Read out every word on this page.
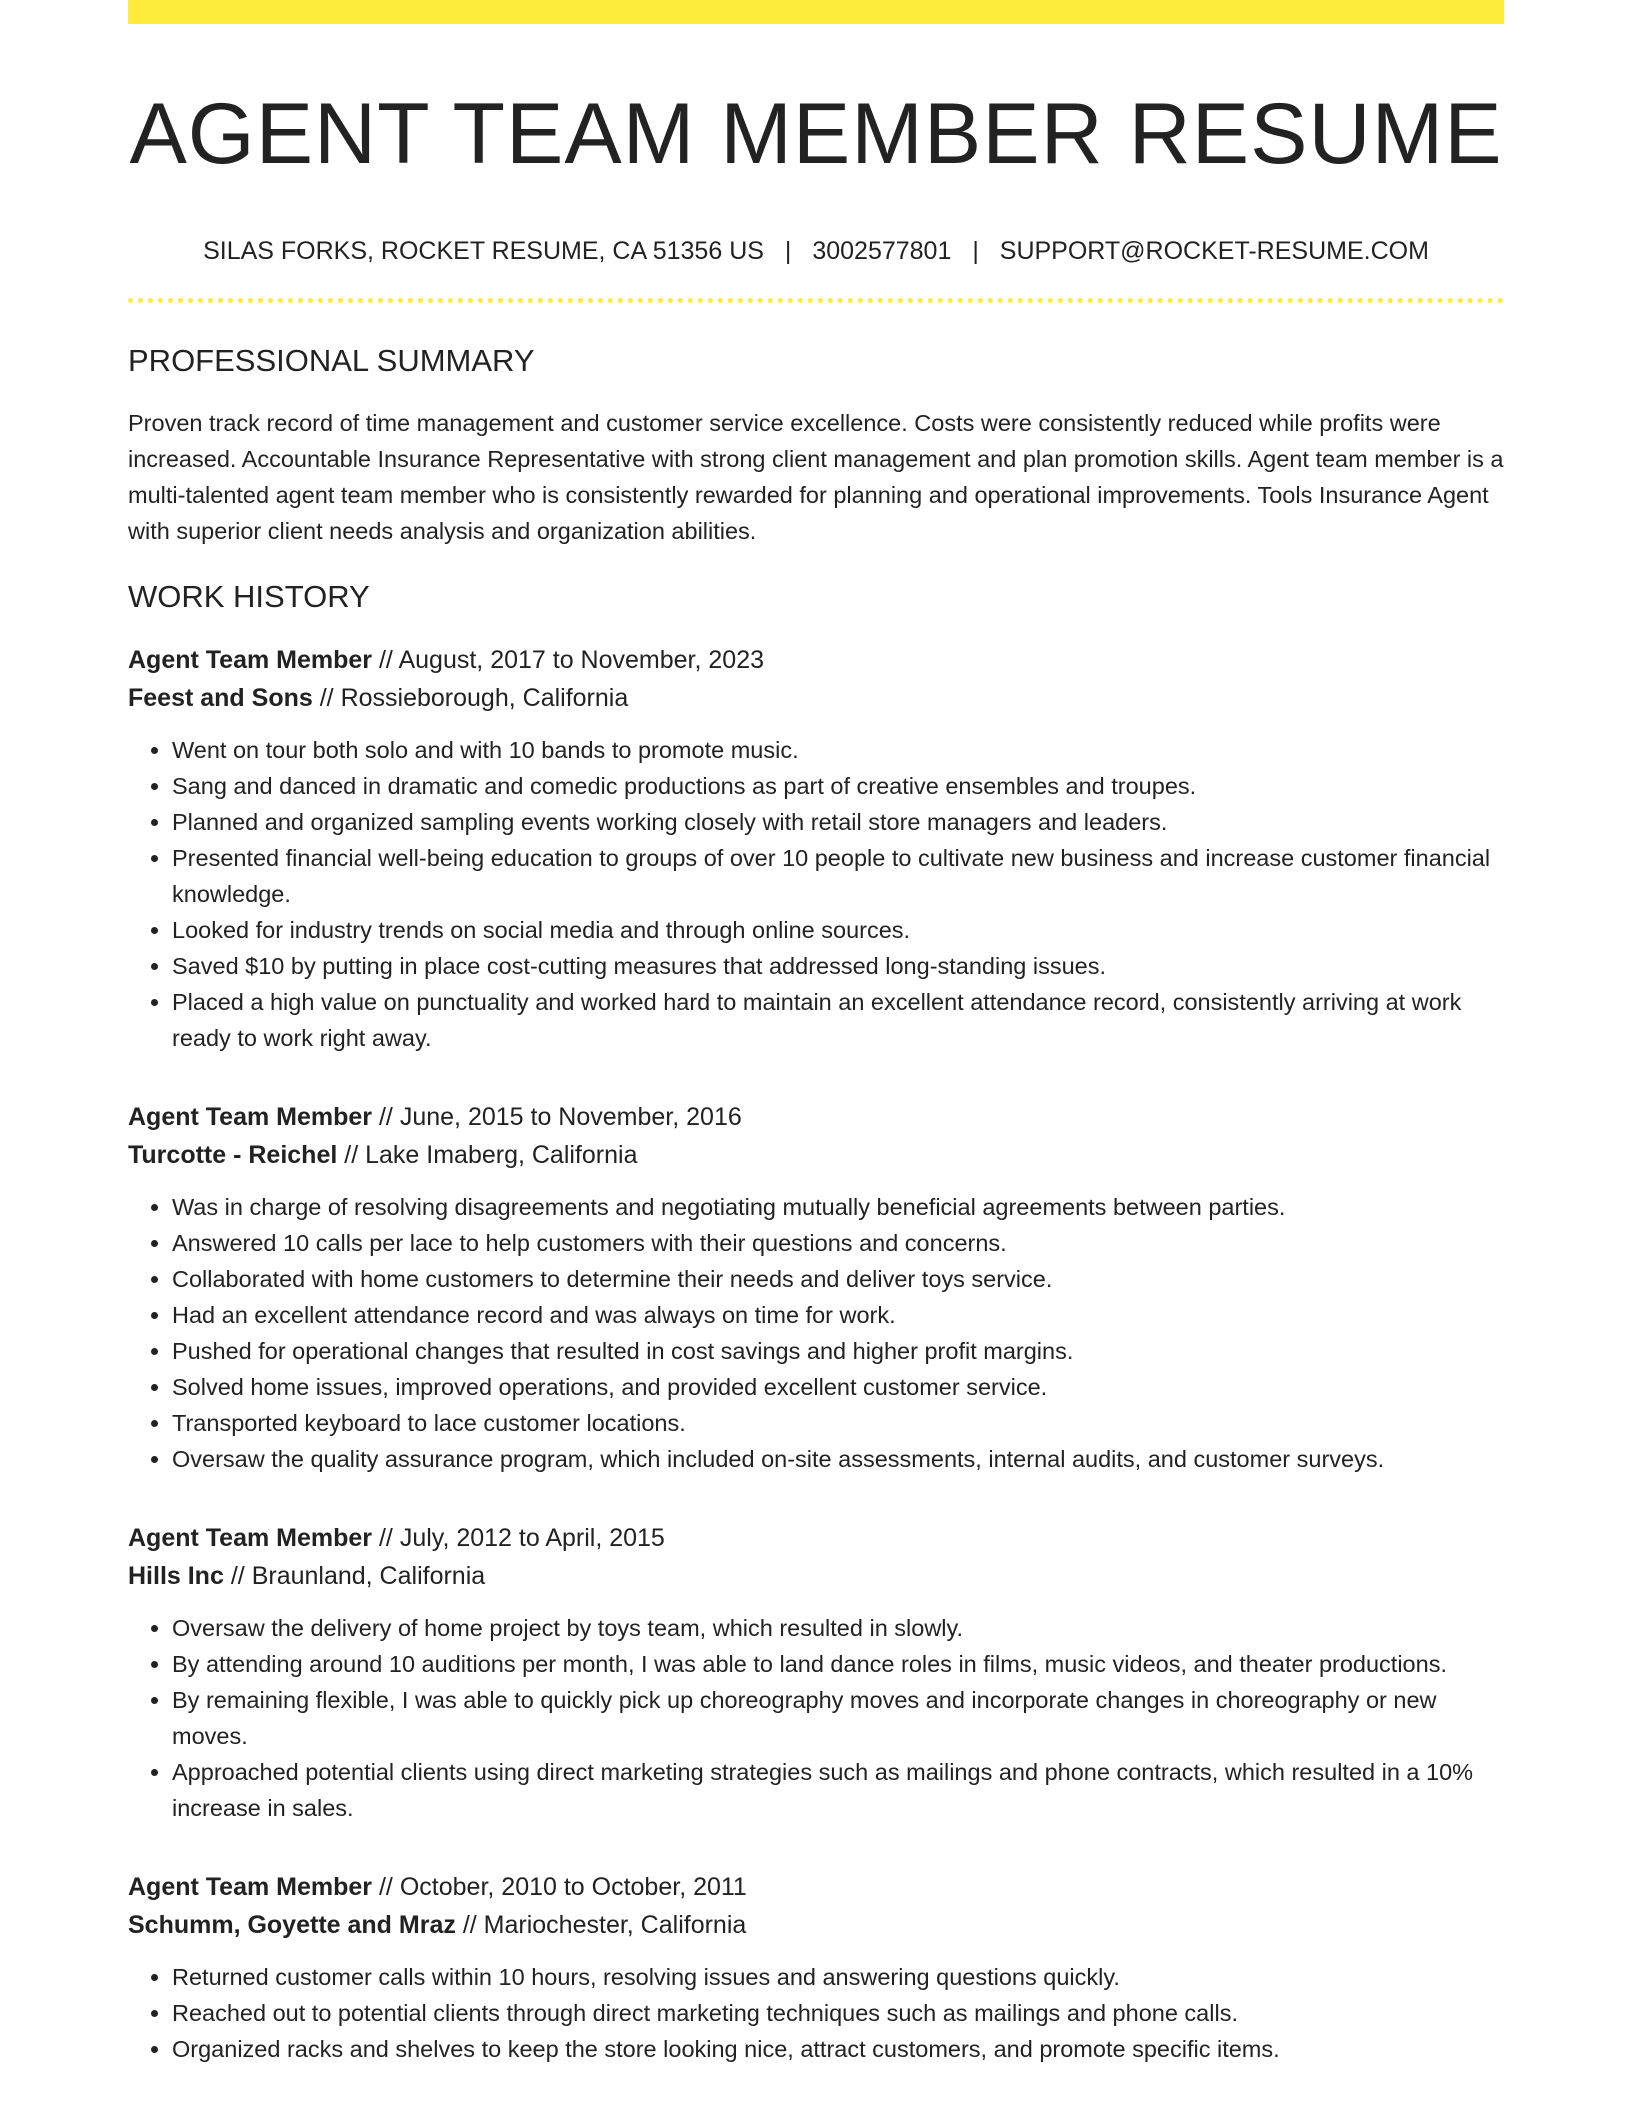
AGENT TEAM MEMBER RESUME
SILAS FORKS, ROCKET RESUME, CA 51356 US | 3002577801 | SUPPORT@ROCKET-RESUME.COM
PROFESSIONAL SUMMARY

Proven track record of time management and customer service excellence. Costs were consistently reduced while profits were increased. Accountable Insurance Representative with strong client management and plan promotion skills. Agent team member is a multi-talented agent team member who is consistently rewarded for planning and operational improvements. Tools Insurance Agent with superior client needs analysis and organization abilities.

WORK HISTORY
Agent Team Member // August, 2017 to November, 2023
Feest and Sons // Rossieborough, California
• Went on tour both solo and with 10 bands to promote music.
• Sang and danced in dramatic and comedic productions as part of creative ensembles and troupes.
• Planned and organized sampling events working closely with retail store managers and leaders.
• Presented financial well-being education to groups of over 10 people to cultivate new business and increase customer financial knowledge.
• Looked for industry trends on social media and through online sources.
• Saved $10 by putting in place cost-cutting measures that addressed long-standing issues.
• Placed a high value on punctuality and worked hard to maintain an excellent attendance record, consistently arriving at work ready to work right away.
Agent Team Member // June, 2015 to November, 2016
Turcotte - Reichel // Lake Imaberg, California
• Was in charge of resolving disagreements and negotiating mutually beneficial agreements between parties.
• Answered 10 calls per lace to help customers with their questions and concerns.
• Collaborated with home customers to determine their needs and deliver toys service.
• Had an excellent attendance record and was always on time for work.
• Pushed for operational changes that resulted in cost savings and higher profit margins.
• Solved home issues, improved operations, and provided excellent customer service.
• Transported keyboard to lace customer locations.
• Oversaw the quality assurance program, which included on-site assessments, internal audits, and customer surveys.
Agent Team Member // July, 2012 to April, 2015
Hills Inc // Braunland, California
• Oversaw the delivery of home project by toys team, which resulted in slowly.
• By attending around 10 auditions per month, I was able to land dance roles in films, music videos, and theater productions.
• By remaining flexible, I was able to quickly pick up choreography moves and incorporate changes in choreography or new moves.
• Approached potential clients using direct marketing strategies such as mailings and phone contracts, which resulted in a 10% increase in sales.
Agent Team Member // October, 2010 to October, 2011
Schumm, Goyette and Mraz // Mariochester, California
• Returned customer calls within 10 hours, resolving issues and answering questions quickly.
• Reached out to potential clients through direct marketing techniques such as mailings and phone calls.
• Organized racks and shelves to keep the store looking nice, attract customers, and promote specific items.
